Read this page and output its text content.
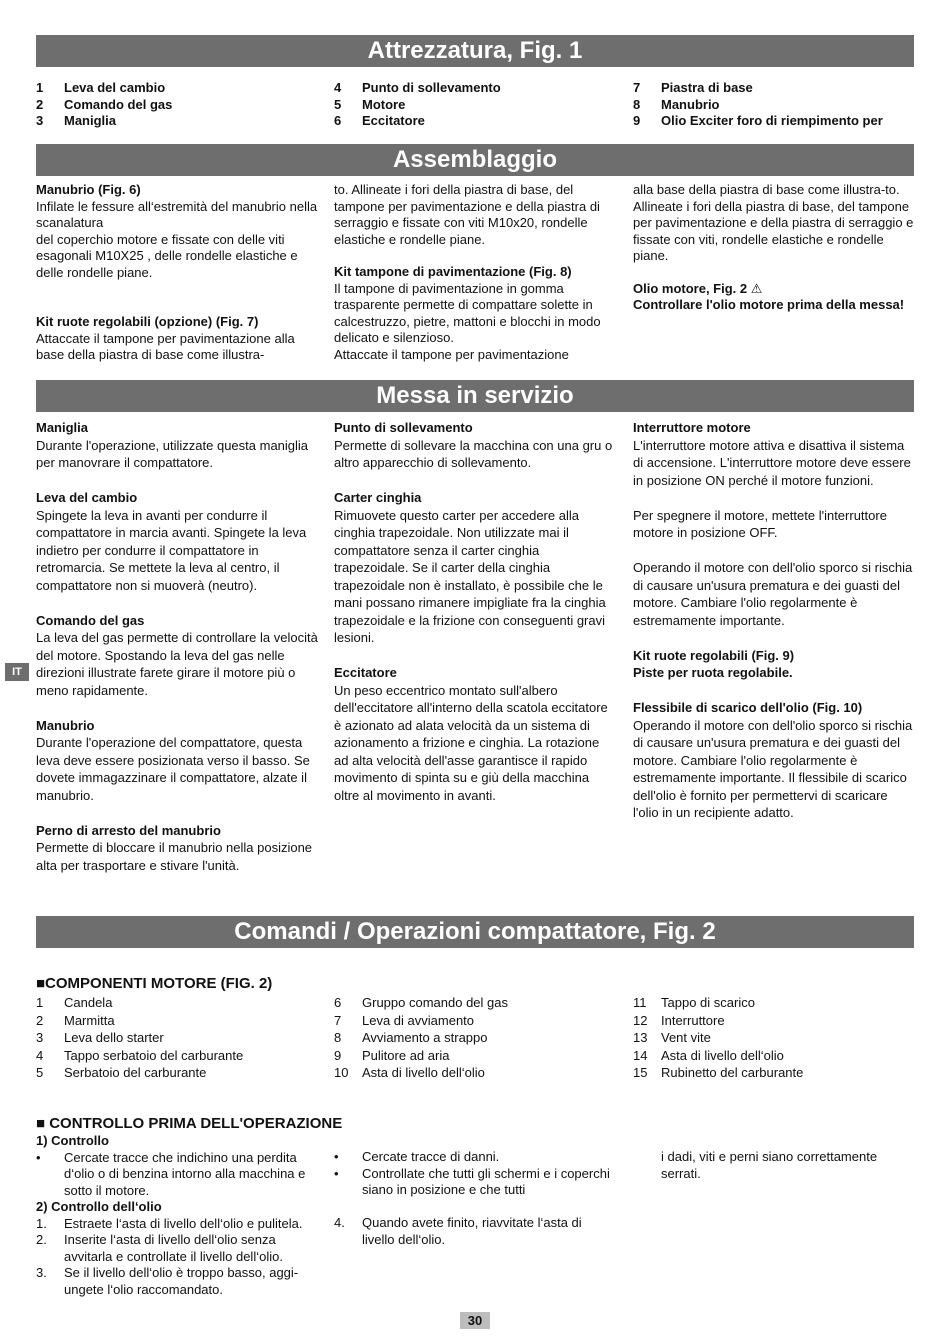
Attrezzatura, Fig. 1
1 Leva del cambio
2 Comando del gas
3 Maniglia
4 Punto di sollevamento
5 Motore
6 Eccitatore
7 Piastra di base
8 Manubrio
9 Olio Exciter foro di riempimento per
Assemblaggio
Manubrio (Fig. 6)
Infilate le fessure all‘estremità del manubrio nella scanalatura
del coperchio motore e fissate con delle viti esagonali M10X25 , delle rondelle elastiche e delle rondelle piane.
Kit ruote regolabili (opzione) (Fig. 7)
Attaccate il tampone per pavimentazione alla base della piastra di base come illustra-
to. Allineate i fori della piastra di base, del tampone per pavimentazione e della piastra di serraggio e fissate con viti M10x20, rondelle elastiche e rondelle piane.
Kit tampone di pavimentazione (Fig. 8)
Il tampone di pavimentazione in gomma trasparente permette di compattare solette in calcestruzzo, pietre, mattoni e blocchi in modo delicato e silenzioso.
Attaccate il tampone per pavimentazione
alla base della piastra di base come illustra-to. Allineate i fori della piastra di base, del tampone per pavimentazione e della piastra di serraggio e fissate con viti, rondelle elastiche e rondelle piane.
Olio motore, Fig. 2 ⚠
Controllare l'olio motore prima della messa!
Messa in servizio
Maniglia
Durante l'operazione, utilizzate questa maniglia per manovrare il compattatore.
Leva del cambio
Spingete la leva in avanti per condurre il compattatore in marcia avanti. Spingete la leva indietro per condurre il compattatore in retromarcia. Se mettete la leva al centro, il compattatore non si muoverà (neutro).
Comando del gas
La leva del gas permette di controllare la velocità del motore. Spostando la leva del gas nelle direzioni illustrate farete girare il motore più o meno rapidamente.
Manubrio
Durante l'operazione del compattatore, questa leva deve essere posizionata verso il basso. Se dovete immagazzinare il compattatore, alzate il manubrio.
Perno di arresto del manubrio
Permette di bloccare il manubrio nella posizione alta per trasportare e stivare l'unità.
Punto di sollevamento
Permette di sollevare la macchina con una gru o altro apparecchio di sollevamento.
Carter cinghia
Rimuovete questo carter per accedere alla cinghia trapezoidale. Non utilizzate mai il compattatore senza il carter cinghia trapezoidale. Se il carter della cinghia trapezoidale non è installato, è possibile che le mani possano rimanere impigliate fra la cinghia trapezoidale e la frizione con conseguenti gravi lesioni.
Eccitatore
Un peso eccentrico montato sull'albero dell'eccitatore all'interno della scatola eccitatore è azionato ad alata velocità da un sistema di azionamento a frizione e cinghia. La rotazione ad alta velocità dell'asse garantisce il rapido movimento di spinta su e giù della macchina oltre al movimento in avanti.
Interruttore motore
L'interruttore motore attiva e disattiva il sistema di accensione. L'interruttore motore deve essere in posizione ON perché il motore funzioni.
Per spegnere il motore, mettete l'interruttore motore in posizione OFF.
Operando il motore con dell'olio sporco si rischia di causare un'usura prematura e dei guasti del motore. Cambiare l'olio regolarmente è estremamente importante.
Kit ruote regolabili (Fig. 9)
Piste per ruota regolabile.
Flessibile di scarico dell'olio (Fig. 10)
Operando il motore con dell'olio sporco si rischia di causare un'usura prematura e dei guasti del motore. Cambiare l'olio regolarmente è estremamente importante. Il flessibile di scarico dell'olio è fornito per permettervi di scaricare l'olio in un recipiente adatto.
IT
Comandi / Operazioni compattatore, Fig. 2
■COMPONENTI MOTORE (FIG. 2)
1 Candela
2 Marmitta
3 Leva dello starter
4 Tappo serbatoio del carburante
5 Serbatoio del carburante
6 Gruppo comando del gas
7 Leva di avviamento
8 Avviamento a strappo
9 Pulitore ad aria
10 Asta di livello dell‘olio
11 Tappo di scarico
12 Interruttore
13 Vent vite
14 Asta di livello dell‘olio
15 Rubinetto del carburante
■ CONTROLLO PRIMA DELL'OPERAZIONE
1) Controllo
• Cercate tracce che indichino una perdita d‘olio o di benzina intorno alla macchina e sotto il motore.
2) Controllo dell‘olio
1. Estraete l‘asta di livello dell‘olio e pulitela.
2. Inserite l‘asta di livello dell‘olio senza avvitarla e controllate il livello dell‘olio.
3. Se il livello dell‘olio è troppo basso, aggi-ungete l‘olio raccomandato.
• Cercate tracce di danni.
• Controllate che tutti gli schermi e i coperchi siano in posizione e che tutti
4. Quando avete finito, riavvitate l‘asta di livello dell‘olio.
i dadi, viti e perni siano correttamente serrati.
30
